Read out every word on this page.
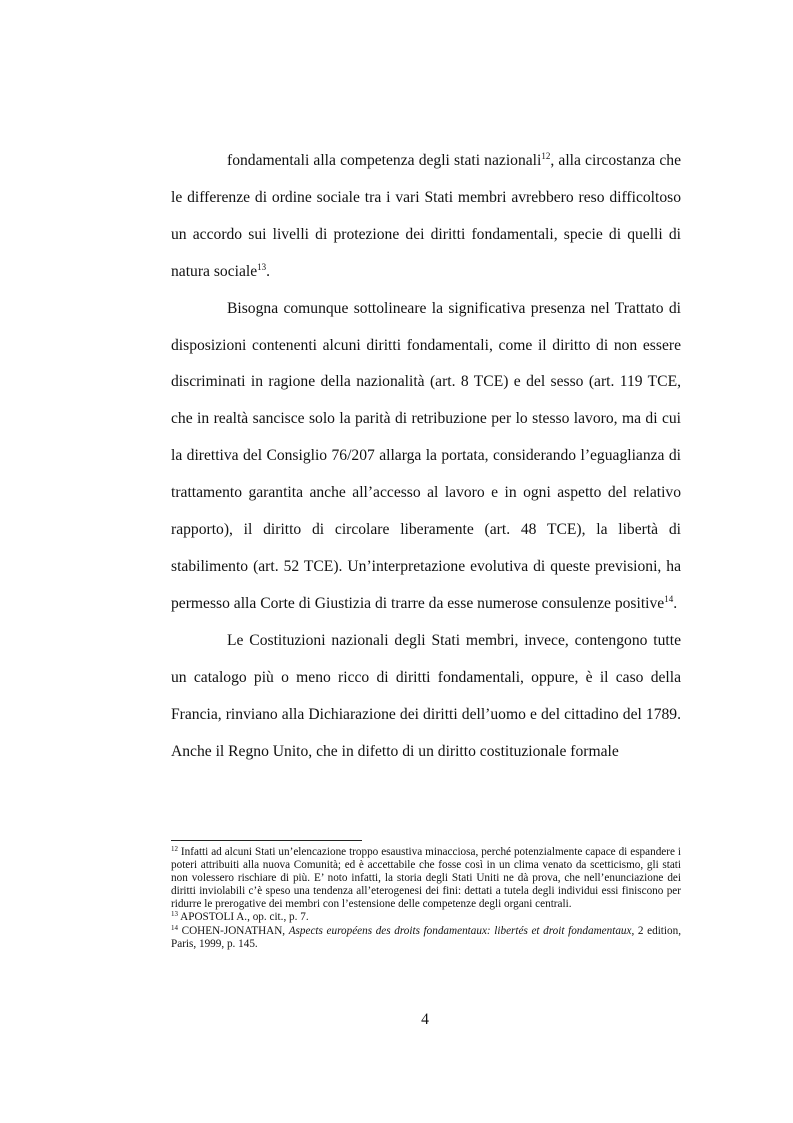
fondamentali alla competenza degli stati nazionali$^{12}$, alla circostanza che le differenze di ordine sociale tra i vari Stati membri avrebbero reso difficoltoso un accordo sui livelli di protezione dei diritti fondamentali, specie di quelli di natura sociale$^{13}$.

Bisogna comunque sottolineare la significativa presenza nel Trattato di disposizioni contenenti alcuni diritti fondamentali, come il diritto di non essere discriminati in ragione della nazionalità (art. 8 TCE) e del sesso (art. 119 TCE, che in realtà sancisce solo la parità di retribuzione per lo stesso lavoro, ma di cui la direttiva del Consiglio 76/207 allarga la portata, considerando l’eguaglianza di trattamento garantita anche all’accesso al lavoro e in ogni aspetto del relativo rapporto), il diritto di circolare liberamente (art. 48 TCE), la libertà di stabilimento (art. 52 TCE). Un’interpretazione evolutiva di queste previsioni, ha permesso alla Corte di Giustizia di trarre da esse numerose consulenze positive$^{14}$.

Le Costituzioni nazionali degli Stati membri, invece, contengono tutte un catalogo più o meno ricco di diritti fondamentali, oppure, è il caso della Francia, rinviano alla Dichiarazione dei diritti dell’uomo e del cittadino del 1789. Anche il Regno Unito, che in difetto di un diritto costituzionale formale

$^{12}$ Infatti ad alcuni Stati un’elencazione troppo esaustiva minacciosa, perché potenzialmente capace di espandere i poteri attribuiti alla nuova Comunità; ed è accettabile che fosse così in un clima venato da scetticismo, gli stati non volessero rischiare di più. E’ noto infatti, la storia degli Stati Uniti ne dà prova, che nell’enunciazione dei diritti inviolabili c’è speso una tendenza all’eterogenesi dei fini: dettati a tutela degli individui essi finiscono per ridurre le prerogative dei membri con l’estensione delle competenze degli organi centrali.

$^{13}$ APOSTOLI A., op. cit., p. 7.

$^{14}$ COHEN-JONATHAN, Aspects européens des droits fondamentaux: libertés et droit fondamentaux, 2 edition, Paris, 1999, p. 145.

4
